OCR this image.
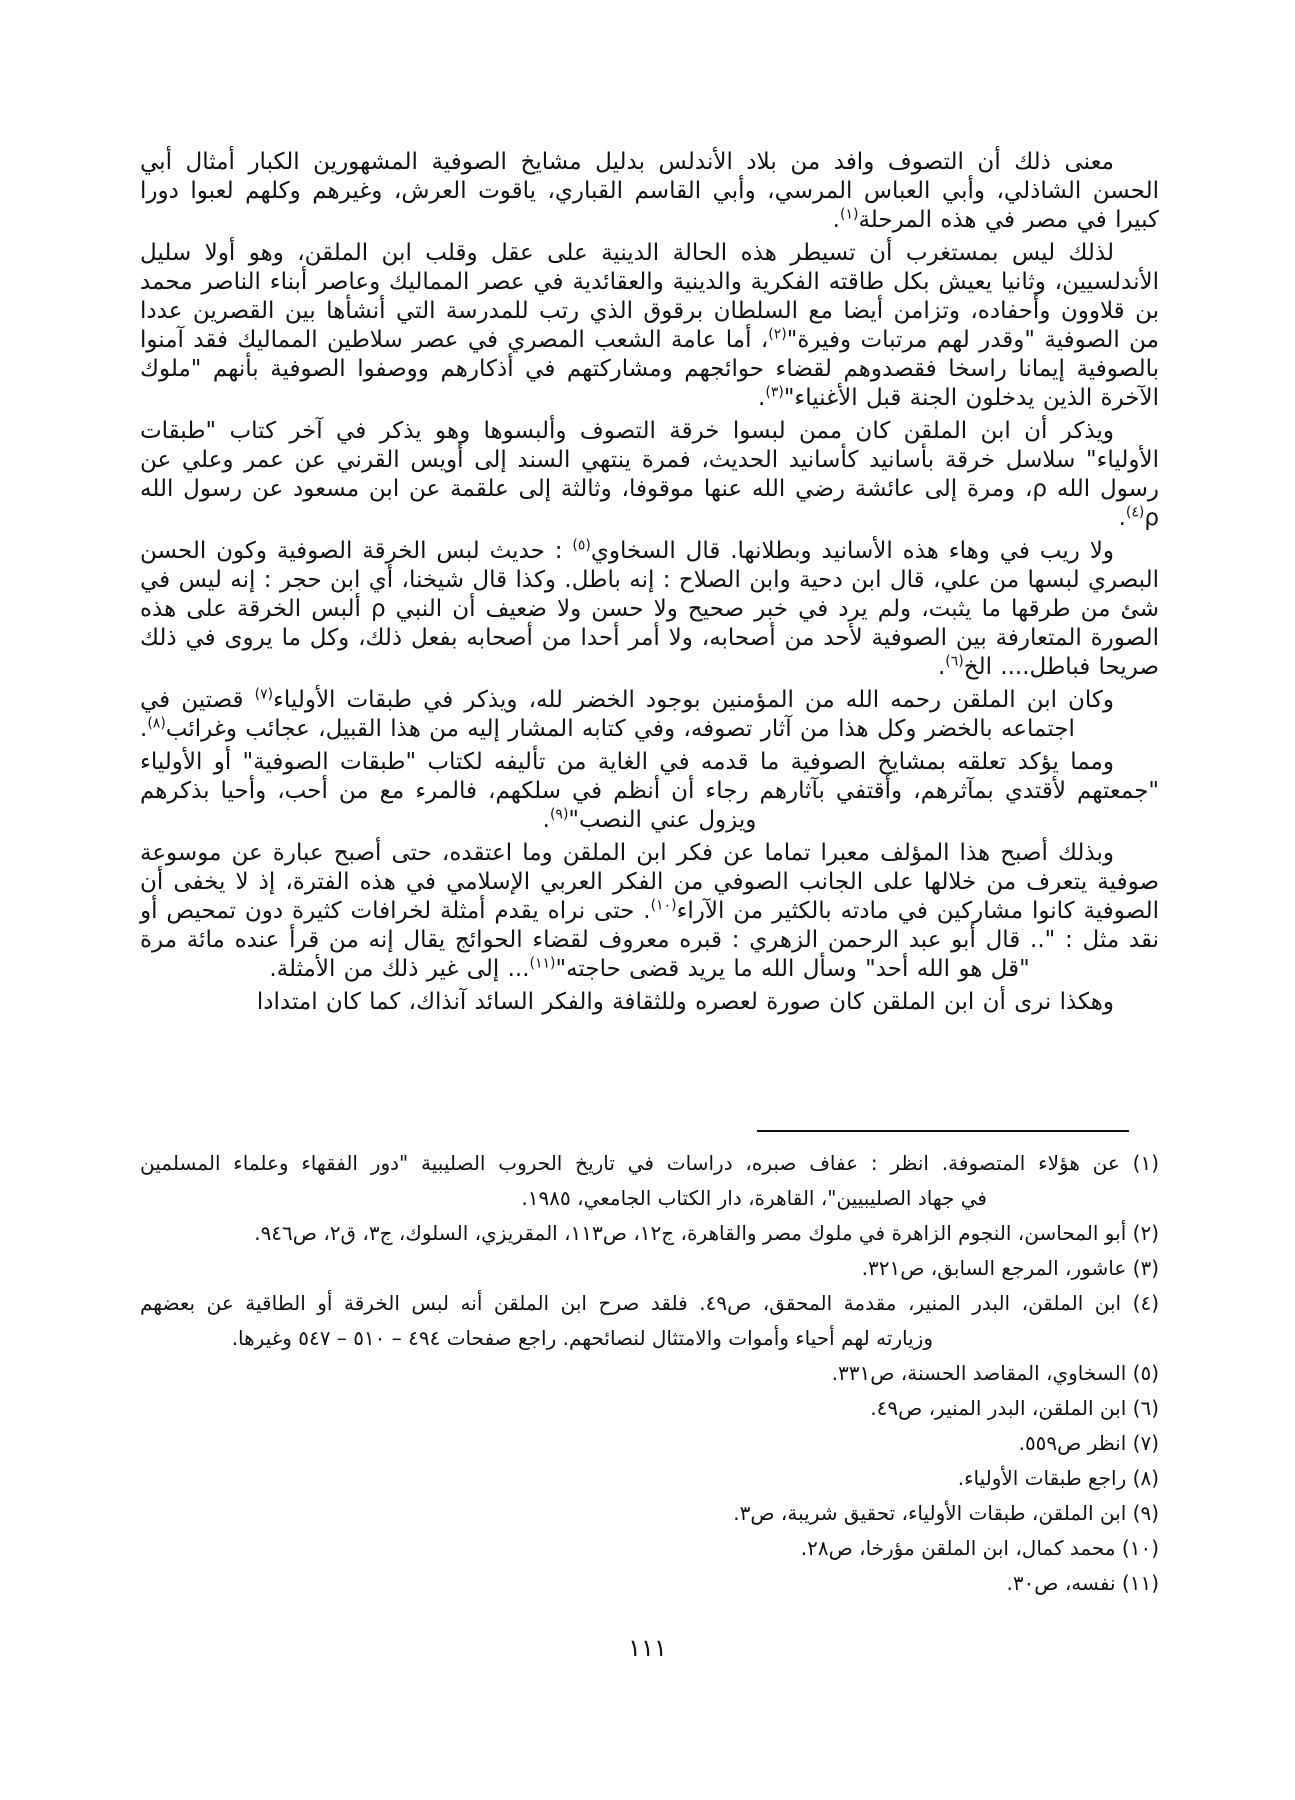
معنى ذلك أن التصوف وافد من بلاد الأندلس بدليل مشايخ الصوفية المشهورين الكبار أمثال أبي الحسن الشاذلي، وأبي العباس المرسي، وأبي القاسم القباري، ياقوت العرش، وغيرهم وكلهم لعبوا دورا كبيرا في مصر في هذه المرحلة$^{(١)}$.

لذلك ليس بمستغرب أن تسيطر هذه الحالة الدينية على عقل وقلب ابن الملقن، وهو أولا سليل الأندلسيين، وثانيا يعيش بكل طاقته الفكرية والدينية والعقائدية في عصر المماليك وعاصر أبناء الناصر محمد بن قلاوون وأحفاده، وتزامن أيضا مع السلطان برقوق الذي رتب للمدرسة التي أنشأها بين القصرين عددا من الصوفية "وقدر لهم مرتبات وفيرة"$^{(٢)}$، أما عامة الشعب المصري في عصر سلاطين المماليك فقد آمنوا بالصوفية إيمانا راسخا فقصدوهم لقضاء حوائجهم ومشاركتهم في أذكارهم ووصفوا الصوفية بأنهم "ملوك الآخرة الذين يدخلون الجنة قبل الأغنياء"$^{(٣)}$.

ويذكر أن ابن الملقن كان ممن لبسوا خرقة التصوف وألبسوها وهو يذكر في آخر كتاب "طبقات الأولياء" سلاسل خرقة بأسانيد كأسانيد الحديث، فمرة ينتهي السند إلى أويس القرني عن عمر وعلي عن رسول الله ρ، ومرة إلى عائشة رضي الله عنها موقوفا، وثالثة إلى علقمة عن ابن مسعود عن رسول الله $\rho^{(٤)}$.

ولا ريب في وهاء هذه الأسانيد وبطلانها. قال السخاوي$^{(٥)}$ : حديث لبس الخرقة الصوفية وكون الحسن البصري لبسها من علي، قال ابن دحية وابن الصلاح : إنه باطل. وكذا قال شيخنا، أي ابن حجر : إنه ليس في شئ من طرقها ما يثبت، ولم يرد في خبر صحيح ولا حسن ولا ضعيف أن النبي ρ ألبس الخرقة على هذه الصورة المتعارفة بين الصوفية لأحد من أصحابه، ولا أمر أحدا من أصحابه بفعل ذلك، وكل ما يروى في ذلك صريحا فباطل.... الخ$^{(٦)}$.

وكان ابن الملقن رحمه الله من المؤمنين بوجود الخضر لله، ويذكر في طبقات الأولياء$^{(٧)}$ قصتين في اجتماعه بالخضر وكل هذا من آثار تصوفه، وفي كتابه المشار إليه من هذا القبيل، عجائب وغرائب$^{(٨)}$.

ومما يؤكد تعلقه بمشايخ الصوفية ما قدمه في الغاية من تأليفه لكتاب "طبقات الصوفية" أو الأولياء "جمعتهم لأقتدي بمآثرهم، وأقتفي بآثارهم رجاء أن أنظم في سلكهم، فالمرء مع من أحب، وأحيا بذكرهم ويزول عني النصب"$^{(٩)}$.

وبذلك أصبح هذا المؤلف معبرا تماما عن فكر ابن الملقن وما اعتقده، حتى أصبح عبارة عن موسوعة صوفية يتعرف من خلالها على الجانب الصوفي من الفكر العربي الإسلامي في هذه الفترة، إذ لا يخفى أن الصوفية كانوا مشاركين في مادته بالكثير من الآراء$^{(١٠)}$. حتى نراه يقدم أمثلة لخرافات كثيرة دون تمحيص أو نقد مثل : ".. قال أبو عبد الرحمن الزهري : قبره معروف لقضاء الحوائج يقال إنه من قرأ عنده مائة مرة "قل هو الله أحد" وسأل الله ما يريد قضى حاجته"$^{(١١)}$... إلى غير ذلك من الأمثلة.

وهكذا نرى أن ابن الملقن كان صورة لعصره وللثقافة والفكر السائد آنذاك، كما كان امتدادا

(١) عن هؤلاء المتصوفة. انظر : عفاف صبره، دراسات في تاريخ الحروب الصليبية "دور الفقهاء وعلماء المسلمين
في جهاد الصليبيين"، القاهرة، دار الكتاب الجامعي، ١٩٨٥.
(٢) أبو المحاسن، النجوم الزاهرة في ملوك مصر والقاهرة، ج١٢، ص١١٣، المقريزي، السلوك، ج٣، ق٢، ص٩٤٦.
(٣) عاشور، المرجع السابق، ص٣٢١.
(٤) ابن الملقن، البدر المنير، مقدمة المحقق، ص٤٩. فلقد صرح ابن الملقن أنه لبس الخرقة أو الطاقية عن بعضهم
وزيارته لهم أحياء وأموات والامتثال لنصائحهم. راجع صفحات ٤٩٤ – ٥١٠ – ٥٤٧ وغيرها.
(٥) السخاوي، المقاصد الحسنة، ص٣٣١.
(٦) ابن الملقن، البدر المنير، ص٤٩.
(٧) انظر ص٥٥٩.
(٨) راجع طبقات الأولياء.
(٩) ابن الملقن، طبقات الأولياء، تحقيق شريبة، ص٣.
(١٠) محمد كمال، ابن الملقن مؤرخا، ص٢٨.
(١١) نفسه، ص٣٠.
١١١
